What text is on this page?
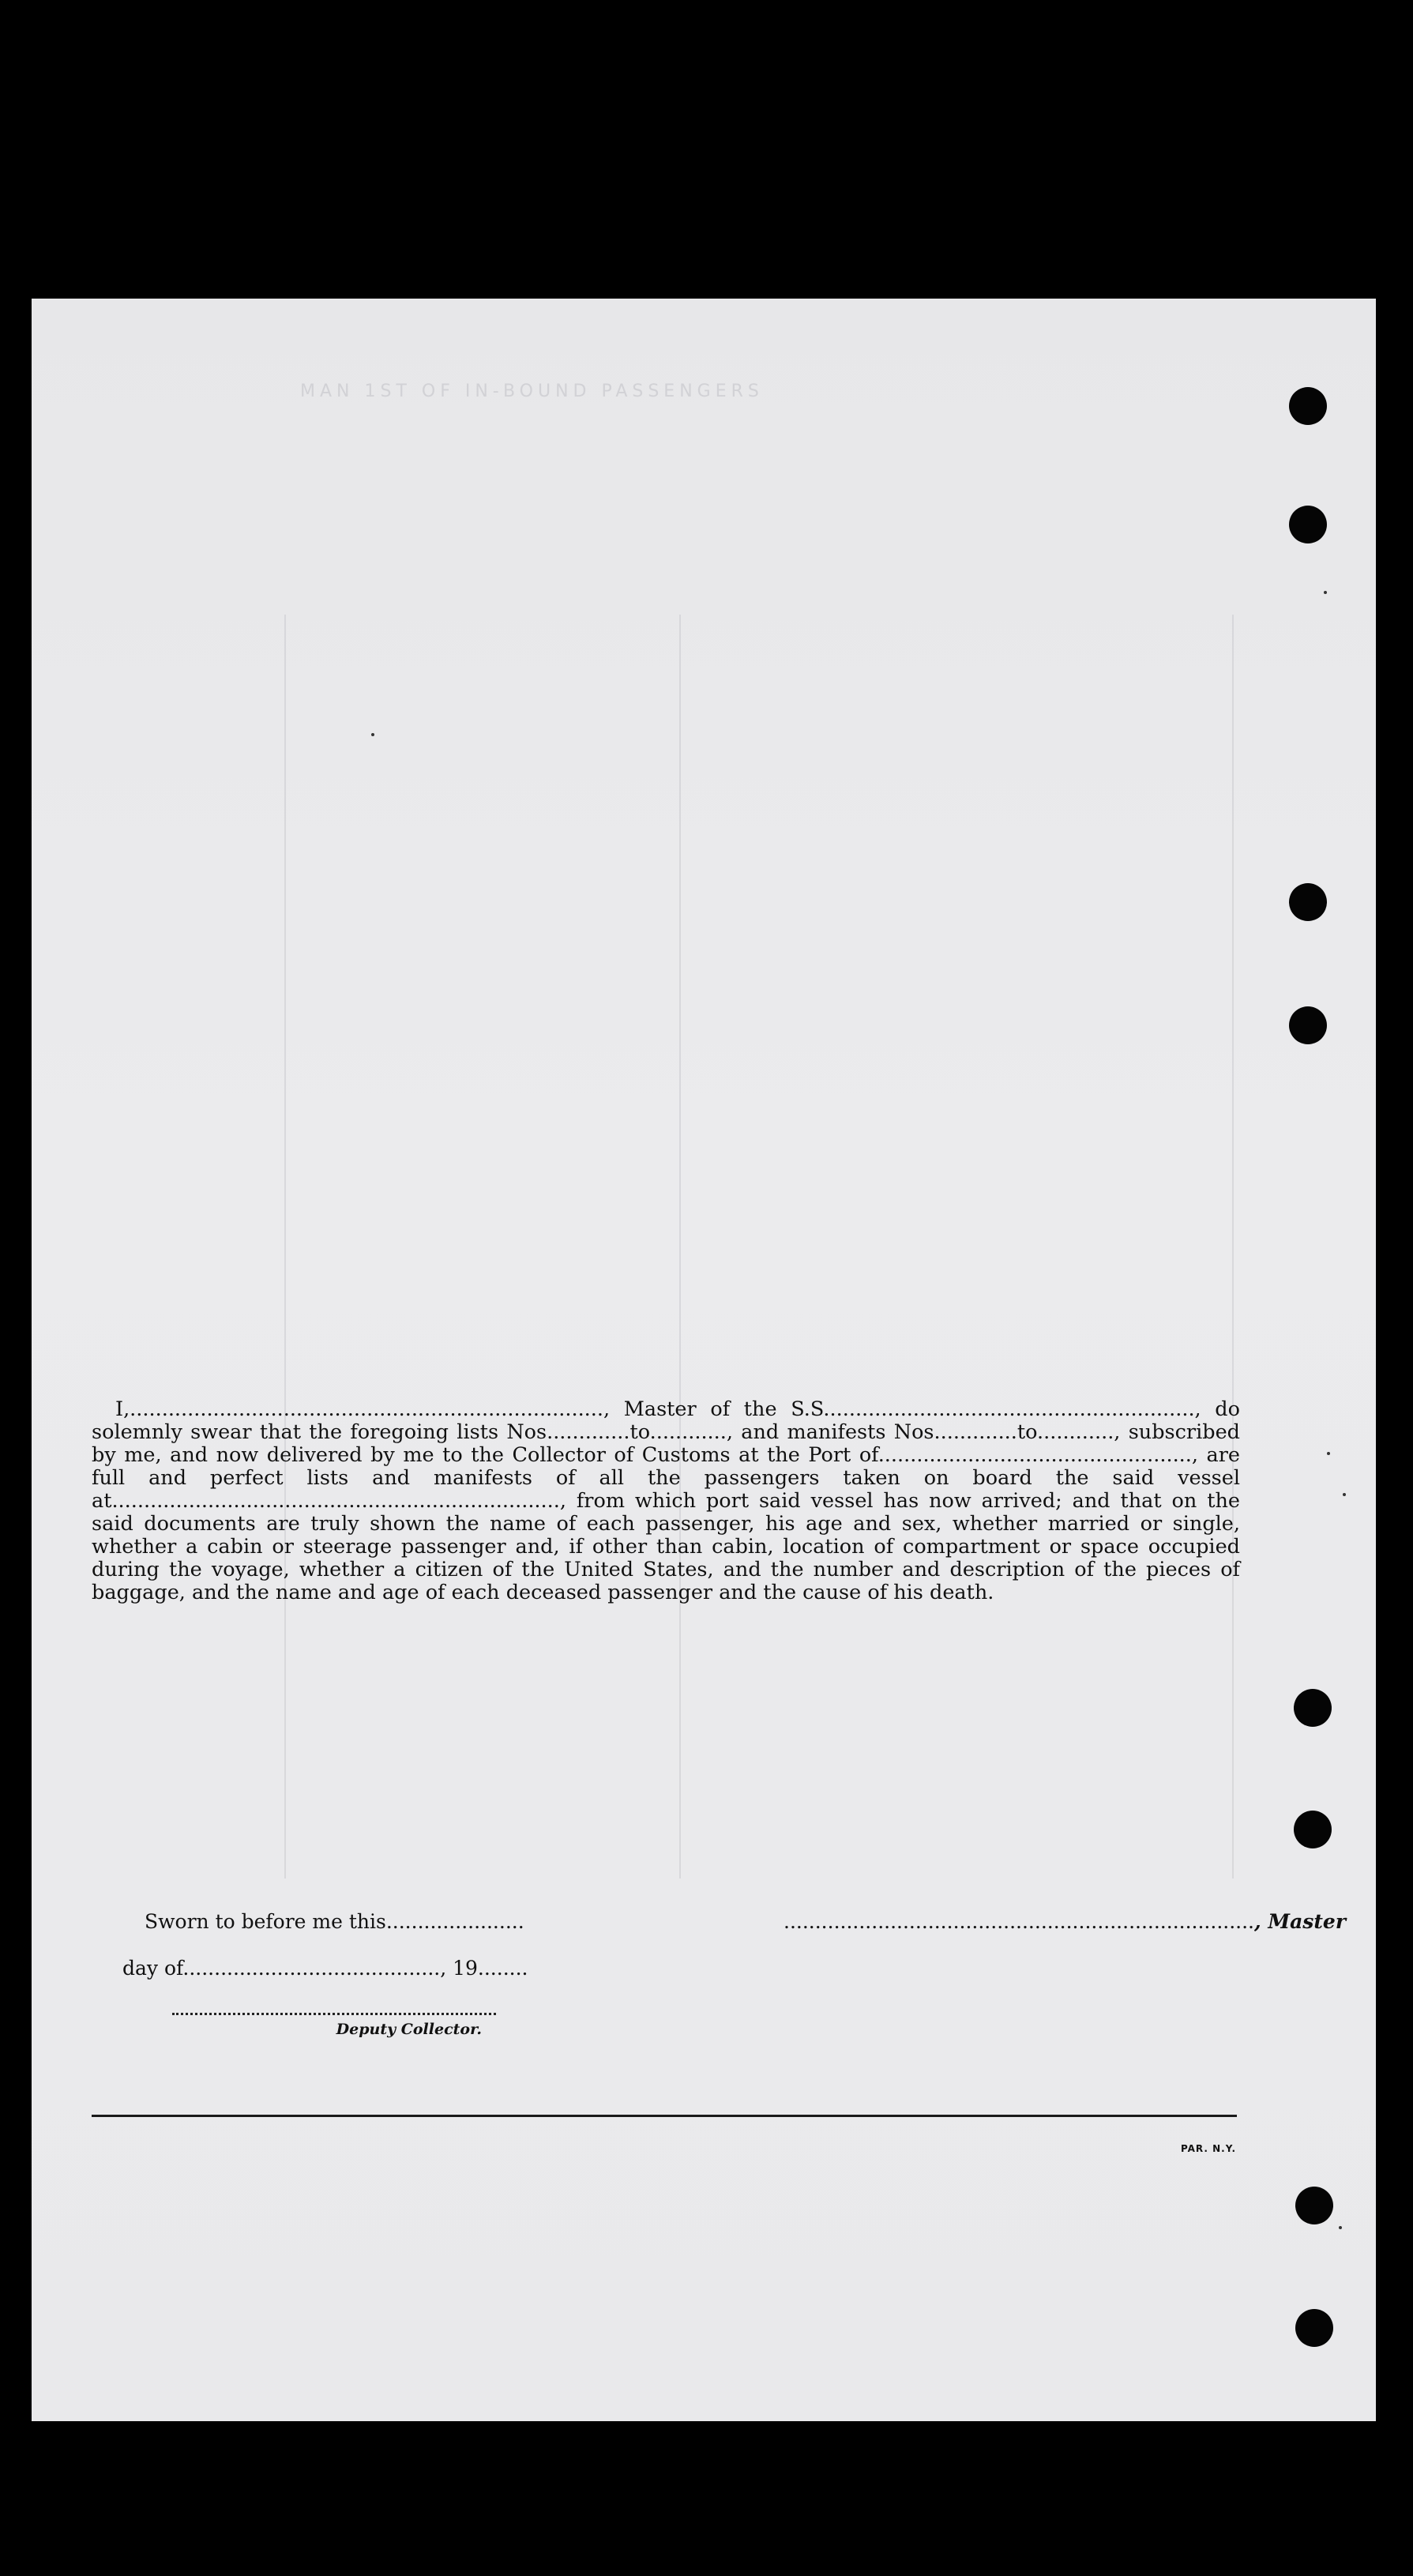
MAN 1ST OF IN-BOUND PASSENGERS

I,.........................................................................., Master of the S.S.........................................................., do solemnly swear that the foregoing lists Nos.............to............, and manifests Nos.............to............, subscribed by me, and now delivered by me to the Collector of Customs at the Port of................................................., are full and perfect lists and manifests of all the passengers taken on board the said vessel at......................................................................, from which port said vessel has now arrived; and that on the said documents are truly shown the name of each passenger, his age and sex, whether married or single, whether a cabin or steerage passenger and, if other than cabin, location of compartment or space occupied during the voyage, whether a citizen of the United States, and the number and description of the pieces of baggage, and the name and age of each deceased passenger and the cause of his death.

Sworn to before me this......................	..........................................................................., Master
day of........................................., 19........
Deputy Collector.
PAR. N.Y.
